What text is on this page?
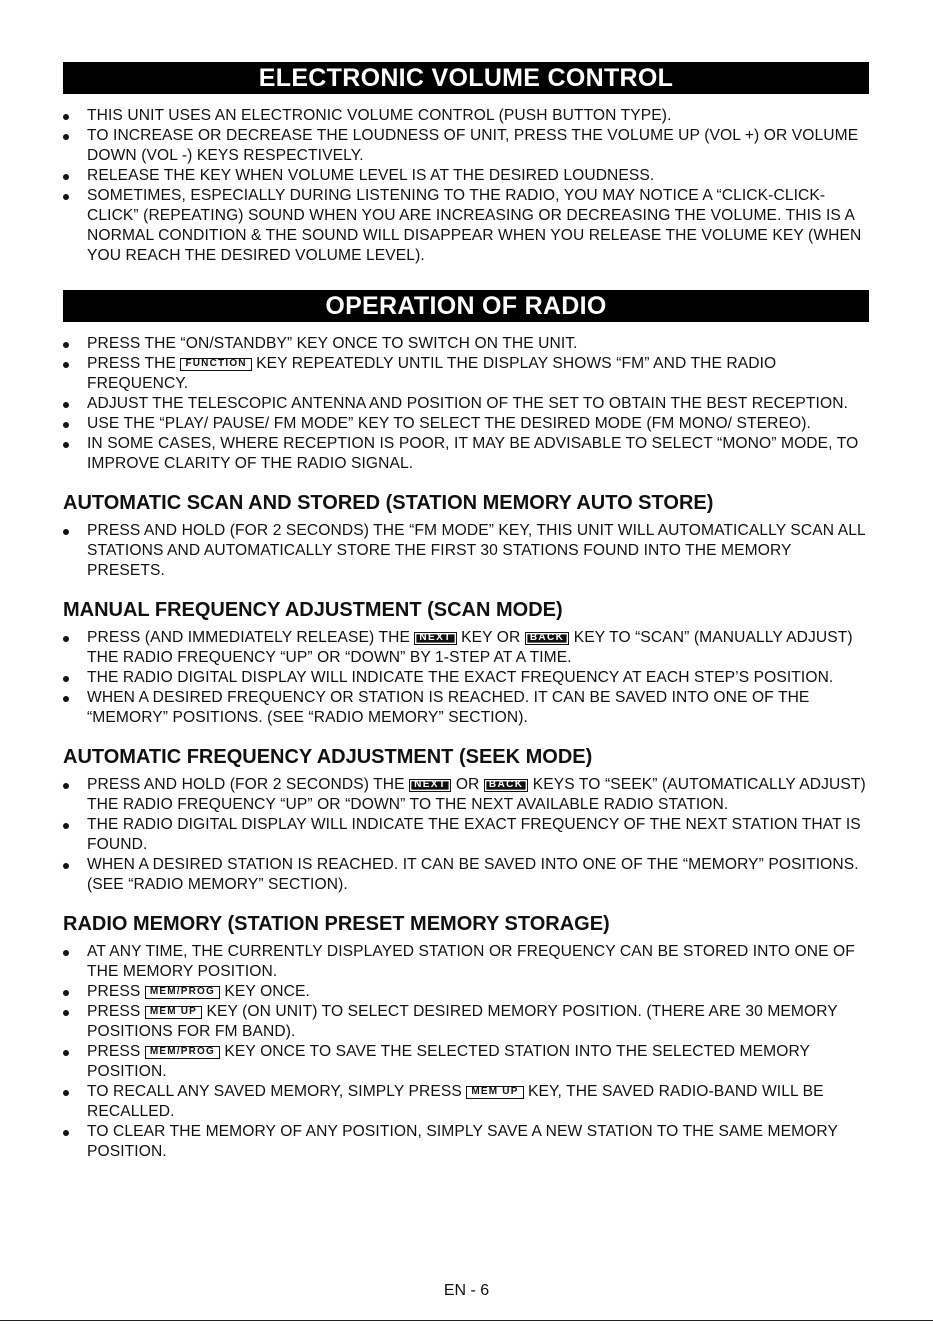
ELECTRONIC VOLUME CONTROL
THIS UNIT USES AN ELECTRONIC VOLUME CONTROL (PUSH BUTTON TYPE).
TO INCREASE OR DECREASE THE LOUDNESS OF UNIT, PRESS THE VOLUME UP (VOL +) OR VOLUME DOWN (VOL -) KEYS RESPECTIVELY.
RELEASE THE KEY WHEN VOLUME LEVEL IS AT THE DESIRED LOUDNESS.
SOMETIMES, ESPECIALLY DURING LISTENING TO THE RADIO, YOU MAY NOTICE A “CLICK-CLICK-CLICK” (REPEATING) SOUND WHEN YOU ARE INCREASING OR DECREASING THE VOLUME. THIS IS A NORMAL CONDITION & THE SOUND WILL DISAPPEAR WHEN YOU RELEASE THE VOLUME KEY (WHEN YOU REACH THE DESIRED VOLUME LEVEL).
OPERATION OF RADIO
PRESS THE “ON/STANDBY” KEY ONCE TO SWITCH ON THE UNIT.
PRESS THE FUNCTION KEY REPEATEDLY UNTIL THE DISPLAY SHOWS “FM” AND THE RADIO FREQUENCY.
ADJUST THE TELESCOPIC ANTENNA AND POSITION OF THE SET TO OBTAIN THE BEST RECEPTION.
USE THE “PLAY/ PAUSE/ FM MODE” KEY TO SELECT THE DESIRED MODE (FM MONO/ STEREO).
IN SOME CASES, WHERE RECEPTION IS POOR, IT MAY BE ADVISABLE TO SELECT “MONO” MODE, TO IMPROVE CLARITY OF THE RADIO SIGNAL.
AUTOMATIC SCAN AND STORED (STATION MEMORY AUTO STORE)
PRESS AND HOLD (FOR 2 SECONDS) THE “FM MODE” KEY, THIS UNIT WILL AUTOMATICALLY SCAN ALL STATIONS AND AUTOMATICALLY STORE THE FIRST 30 STATIONS FOUND INTO THE MEMORY PRESETS.
MANUAL FREQUENCY ADJUSTMENT (SCAN MODE)
PRESS (AND IMMEDIATELY RELEASE) THE NEXT KEY OR BACK KEY TO “SCAN” (MANUALLY ADJUST) THE RADIO FREQUENCY “UP” OR “DOWN” BY 1-STEP AT A TIME.
THE RADIO DIGITAL DISPLAY WILL INDICATE THE EXACT FREQUENCY AT EACH STEP’S POSITION.
WHEN A DESIRED FREQUENCY OR STATION IS REACHED. IT CAN BE SAVED INTO ONE OF THE “MEMORY” POSITIONS. (SEE “RADIO MEMORY” SECTION).
AUTOMATIC FREQUENCY ADJUSTMENT (SEEK MODE)
PRESS AND HOLD (FOR 2 SECONDS) THE NEXT OR BACK KEYS TO “SEEK” (AUTOMATICALLY ADJUST) THE RADIO FREQUENCY “UP” OR “DOWN” TO THE NEXT AVAILABLE RADIO STATION.
THE RADIO DIGITAL DISPLAY WILL INDICATE THE EXACT FREQUENCY OF THE NEXT STATION THAT IS FOUND.
WHEN A DESIRED STATION IS REACHED. IT CAN BE SAVED INTO ONE OF THE “MEMORY” POSITIONS. (SEE “RADIO MEMORY” SECTION).
RADIO MEMORY (STATION PRESET MEMORY STORAGE)
AT ANY TIME, THE CURRENTLY DISPLAYED STATION OR FREQUENCY CAN BE STORED INTO ONE OF THE MEMORY POSITION.
PRESS MEM/PROG KEY ONCE.
PRESS MEM UP KEY (ON UNIT) TO SELECT DESIRED MEMORY POSITION. (THERE ARE 30 MEMORY POSITIONS FOR FM BAND).
PRESS MEM/PROG KEY ONCE TO SAVE THE SELECTED STATION INTO THE SELECTED MEMORY POSITION.
TO RECALL ANY SAVED MEMORY, SIMPLY PRESS MEM UP KEY, THE SAVED RADIO-BAND WILL BE RECALLED.
TO CLEAR THE MEMORY OF ANY POSITION, SIMPLY SAVE A NEW STATION TO THE SAME MEMORY POSITION.
EN - 6
